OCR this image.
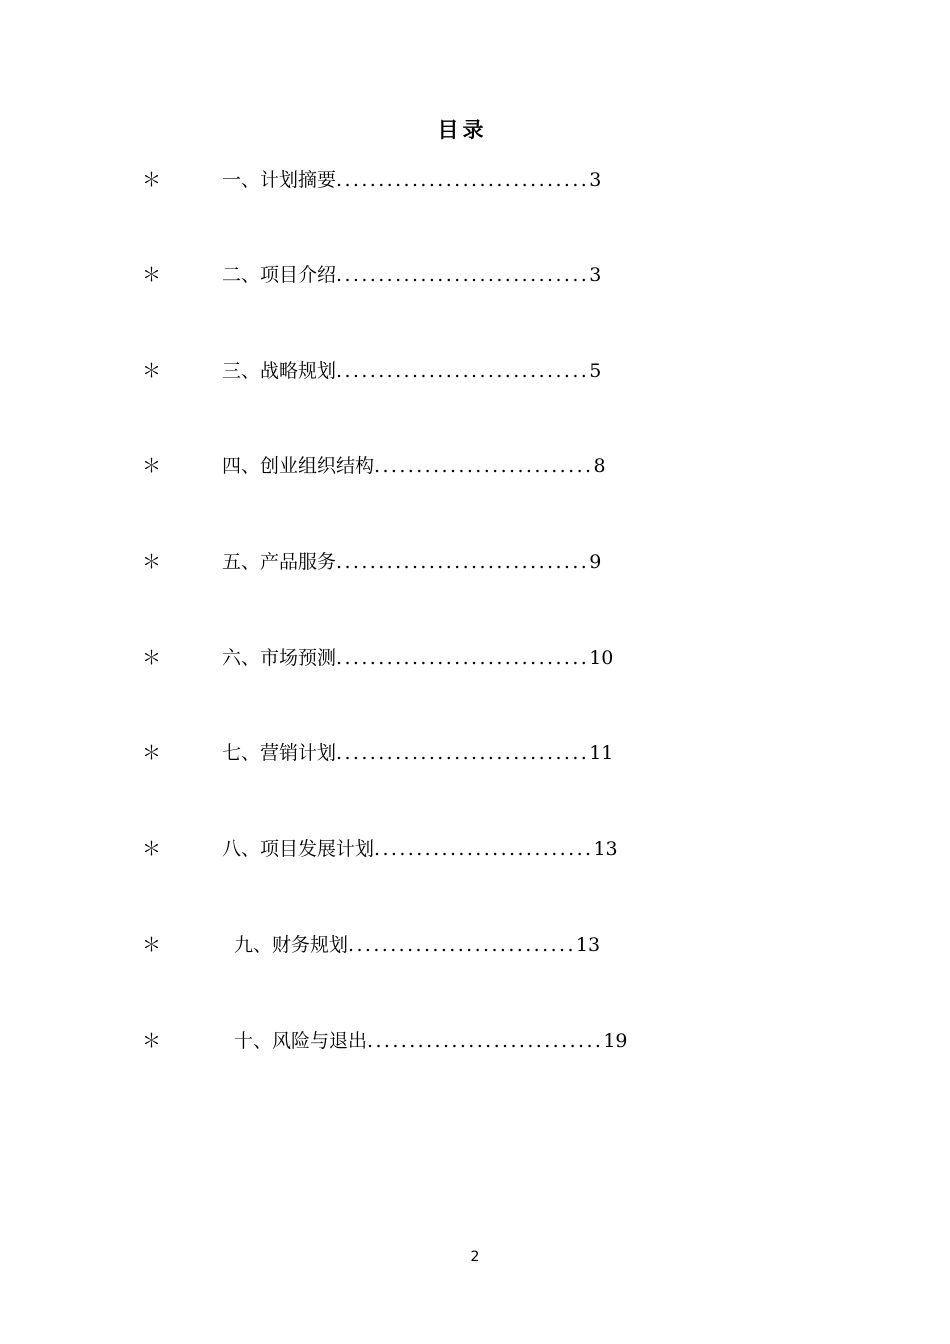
目录
＊	一、计划摘要..............................3
＊	二、项目介绍..............................3
＊	三、战略规划..............................5
＊	四、创业组织结构..........................8
＊	五、产品服务..............................9
＊	六、市场预测..............................10
＊	七、营销计划..............................11
＊	八、项目发展计划..........................13
＊	九、财务规划...........................13
＊	十、风险与退出............................19
2
